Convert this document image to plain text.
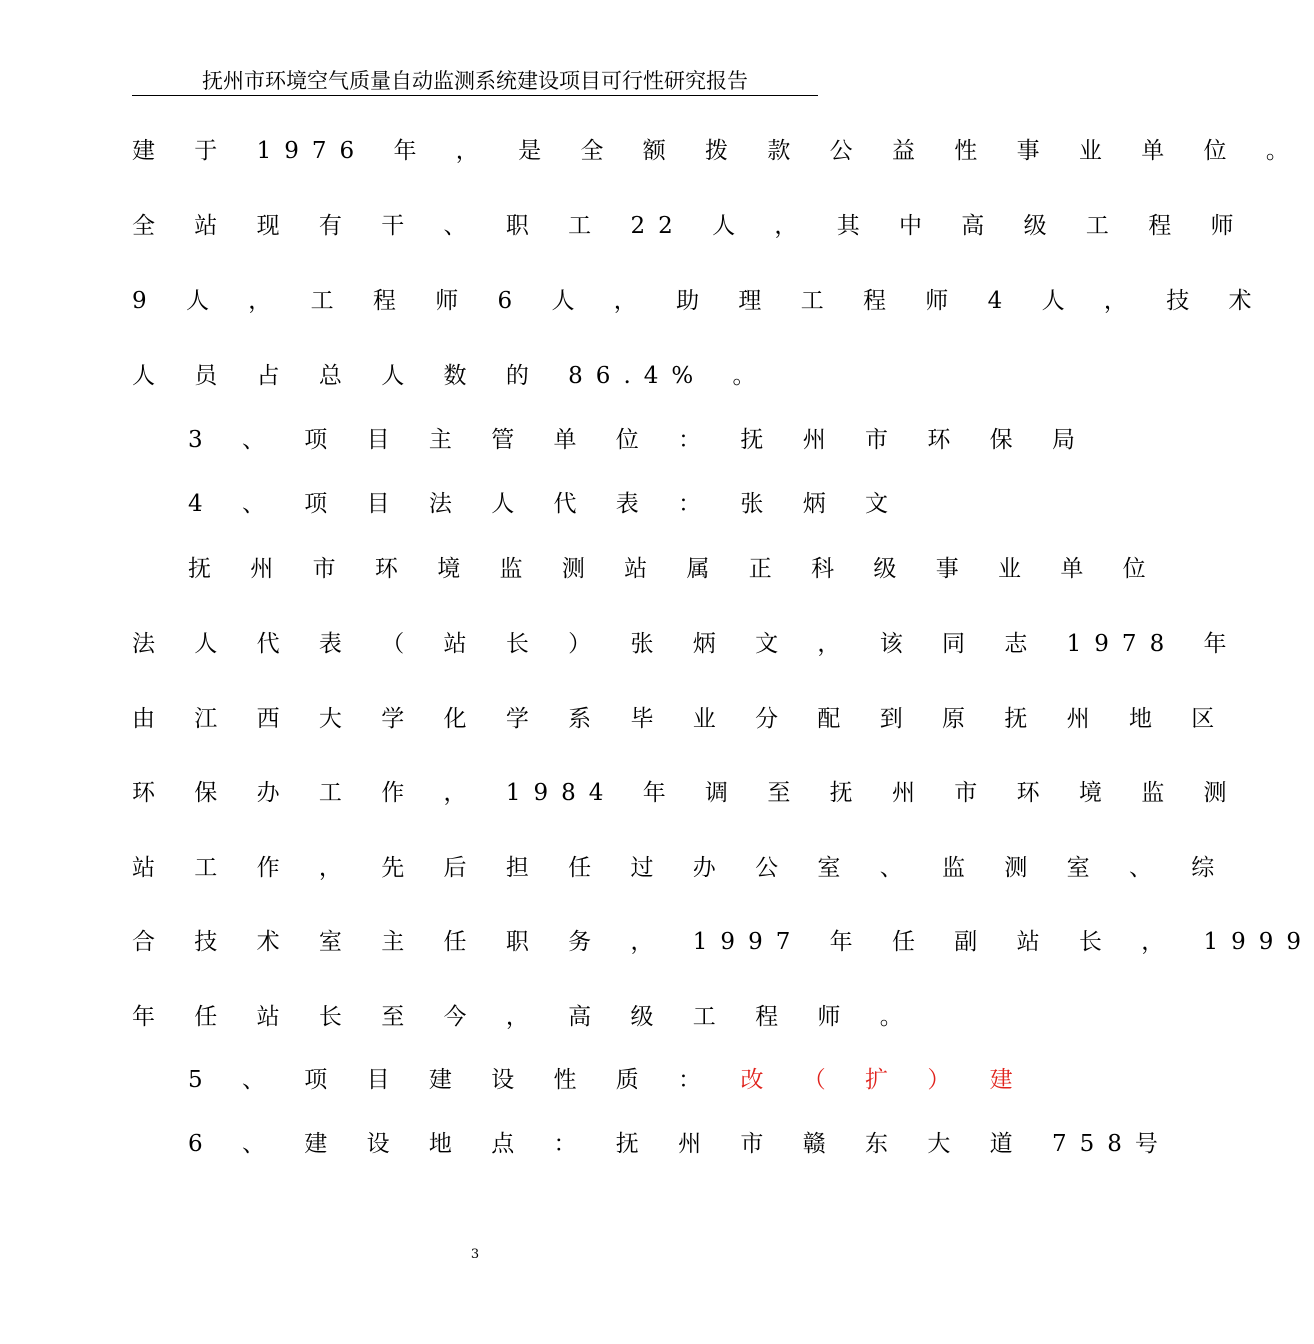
抚州市环境空气质量自动监测系统建设项目可行性研究报告
建 于 1976 年 ， 是 全 额 拨 款 公 益 性 事 业 单 位 。
全 站 现 有 干 、 职 工 22 人 ， 其 中 高 级 工 程 师
9 人 ， 工 程 师 6 人 ， 助 理 工 程 师 4 人 ， 技 术
人 员 占 总 人 数 的 86.4% 。
3 、 项 目 主 管 单 位 ： 抚 州 市 环 保 局
4 、 项 目 法 人 代 表 ： 张 炳 文
抚 州 市 环 境 监 测 站 属 正 科 级 事 业 单 位
法 人 代 表 （ 站 长 ） 张 炳 文 ， 该 同 志 1978 年
由 江 西 大 学 化 学 系 毕 业 分 配 到 原 抚 州 地 区
环 保 办 工 作 ， 1984 年 调 至 抚 州 市 环 境 监 测
站 工 作 ， 先 后 担 任 过 办 公 室 、 监 测 室 、 综
合 技 术 室 主 任 职 务 ， 1997 年 任 副 站 长 ， 1999
年 任 站 长 至 今 ， 高 级 工 程 师 。
5 、 项 目 建 设 性 质 ： 改 （ 扩 ） 建
6 、 建 设 地 点 ： 抚 州 市 赣 东 大 道 758号
3
